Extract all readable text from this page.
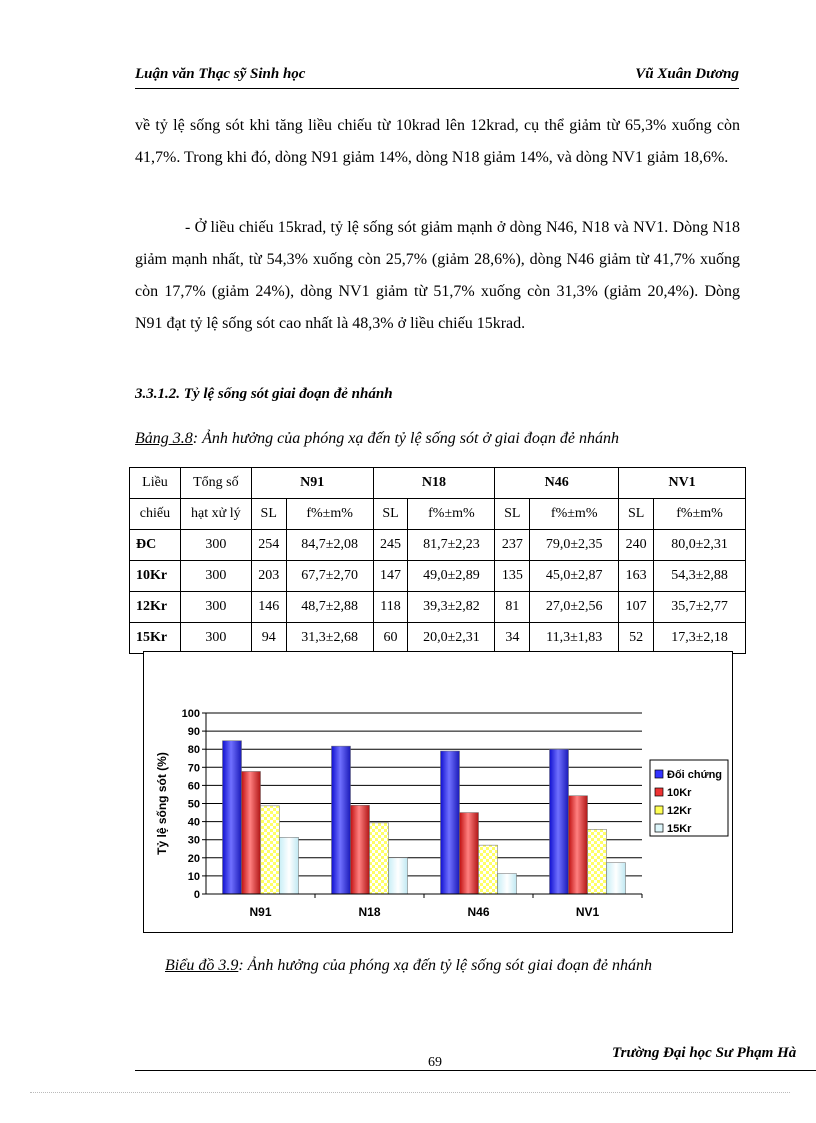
Luận văn Thạc sỹ Sinh học	Vũ Xuân Dương

về tỷ lệ sống sót khi tăng liều chiếu từ 10krad lên 12krad, cụ thể giảm từ 65,3% xuống còn 41,7%. Trong khi đó, dòng N91 giảm 14%, dòng N18 giảm 14%, và dòng NV1 giảm 18,6%.

- Ở liều chiếu 15krad, tỷ lệ sống sót giảm mạnh ở dòng N46, N18 và NV1. Dòng N18 giảm mạnh nhất, từ 54,3% xuống còn 25,7% (giảm 28,6%), dòng N46 giảm từ 41,7% xuống còn 17,7% (giảm 24%), dòng NV1 giảm từ 51,7% xuống còn 31,3% (giảm 20,4%). Dòng N91 đạt tỷ lệ sống sót cao nhất là 48,3% ở liều chiếu 15krad.

3.3.1.2. Tỷ lệ sống sót giai đoạn đẻ nhánh
Bảng 3.8: Ảnh hưởng của phóng xạ đến tỷ lệ sống sót ở giai đoạn đẻ nhánh
Liều	Tổng số	N91		N18		N46		NV1	
chiếu	hạt xử lý	SL	f%±m%	SL	f%±m%	SL	f%±m%	SL	f%±m%
ĐC	300	254	84,7±2,08	245	81,7±2,23	237	79,0±2,35	240	80,0±2,31
10Kr	300	203	67,7±2,70	147	49,0±2,89	135	45,0±2,87	163	54,3±2,88
12Kr	300	146	48,7±2,88	118	39,3±2,82	81	27,0±2,56	107	35,7±2,77
15Kr	300	94	31,3±2,68	60	20,0±2,31	34	11,3±1,83	52	17,3±2,18
0
10
20
30
40
50
60
70
80
90
100
N91	N18	N46	NV1
Tỷ lệ sống sót (%)	Đối chứng
10Kr
12Kr
15Kr
Biểu đồ 3.9: Ảnh hưởng của phóng xạ đến tỷ lệ sống sót giai đoạn đẻ nhánh
Trường Đại học Sư Phạm Hà
69
